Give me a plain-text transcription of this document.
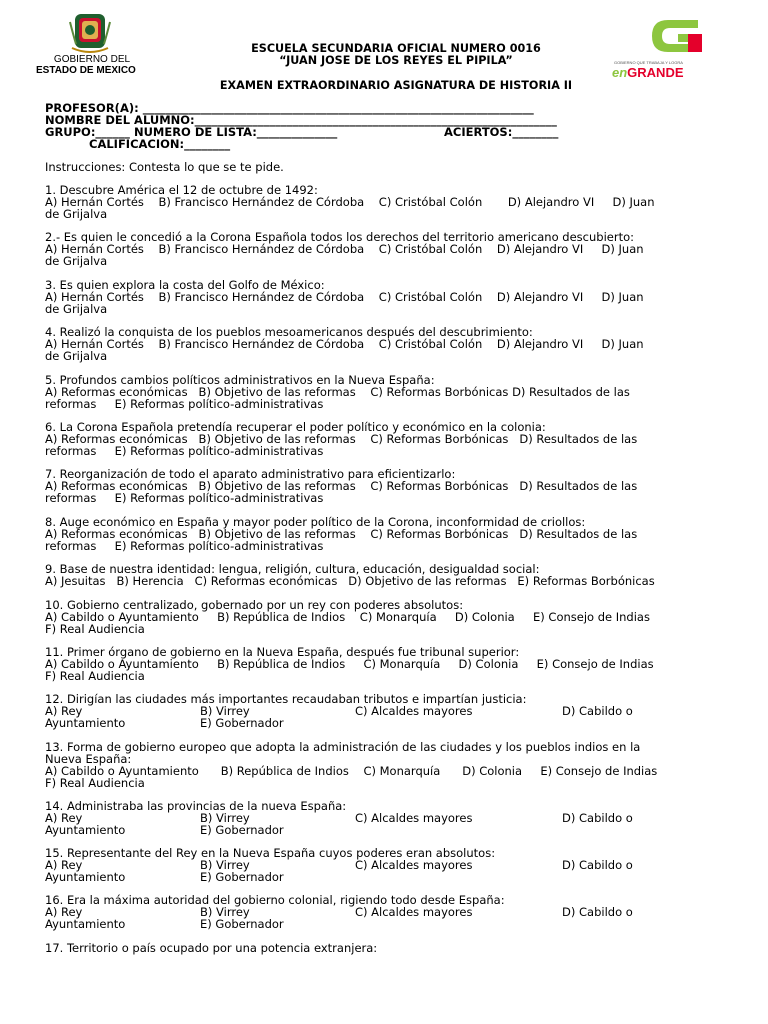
GOBIERNO DEL
ESTADO DE MÉXICO
GOBIERNO QUE TRABAJA Y LOGRA
enGRANDE
ESCUELA SECUNDARIA OFICIAL NUMERO 0016
“JUAN JOSE DE LOS REYES EL PIPILA”
EXAMEN EXTRAORDINARIO ASIGNATURA DE HISTORIA II
PROFESOR(A): ____________________________________________________________________
NOMBRE DEL ALUMNO:_______________________________________________________________
GRUPO:______ NUMERO DE LISTA:______________	ACIERTOS:________
CALIFICACION:________
Instrucciones: Contesta lo que se te pide.
1. Descubre América el 12 de octubre de 1492:
A) Hernán Cortés    B) Francisco Hernández de Córdoba    C) Cristóbal Colón       D) Alejandro VI     D) Juan
de Grijalva
2.- Es quien le concedió a la Corona Española todos los derechos del territorio americano descubierto:
A) Hernán Cortés    B) Francisco Hernández de Córdoba    C) Cristóbal Colón    D) Alejandro VI     D) Juan
de Grijalva
3. Es quien explora la costa del Golfo de México:
A) Hernán Cortés    B) Francisco Hernández de Córdoba    C) Cristóbal Colón    D) Alejandro VI     D) Juan
de Grijalva
4. Realizó la conquista de los pueblos mesoamericanos después del descubrimiento:
A) Hernán Cortés    B) Francisco Hernández de Córdoba    C) Cristóbal Colón    D) Alejandro VI     D) Juan
de Grijalva
5. Profundos cambios políticos administrativos en la Nueva España:
A) Reformas económicas   B) Objetivo de las reformas    C) Reformas Borbónicas D) Resultados de las
reformas     E) Reformas político-administrativas
6. La Corona Española pretendía recuperar el poder político y económico en la colonia:
A) Reformas económicas   B) Objetivo de las reformas    C) Reformas Borbónicas   D) Resultados de las
reformas     E) Reformas político-administrativas
7. Reorganización de todo el aparato administrativo para eficientizarlo:
A) Reformas económicas   B) Objetivo de las reformas    C) Reformas Borbónicas   D) Resultados de las
reformas     E) Reformas político-administrativas
8. Auge económico en España y mayor poder político de la Corona, inconformidad de criollos:
A) Reformas económicas   B) Objetivo de las reformas    C) Reformas Borbónicas   D) Resultados de las
reformas     E) Reformas político-administrativas
9. Base de nuestra identidad: lengua, religión, cultura, educación, desigualdad social:
A) Jesuitas   B) Herencia   C) Reformas económicas   D) Objetivo de las reformas   E) Reformas Borbónicas
10. Gobierno centralizado, gobernado por un rey con poderes absolutos:
A) Cabildo o Ayuntamiento     B) República de Indios    C) Monarquía     D) Colonia     E) Consejo de Indias
F) Real Audiencia
11. Primer órgano de gobierno en la Nueva España, después fue tribunal superior:
A) Cabildo o Ayuntamiento     B) República de Indios     C) Monarquía     D) Colonia     E) Consejo de Indias
F) Real Audiencia
12. Dirigían las ciudades más importantes recaudaban tributos e impartían justicia:
A) Rey	B) Virrey	C) Alcaldes mayores	D) Cabildo o
Ayuntamiento	E) Gobernador
13. Forma de gobierno europeo que adopta la administración de las ciudades y los pueblos indios en la
Nueva España:
A) Cabildo o Ayuntamiento      B) República de Indios    C) Monarquía      D) Colonia     E) Consejo de Indias
F) Real Audiencia
14. Administraba las provincias de la nueva España:
A) Rey	B) Virrey	C) Alcaldes mayores	D) Cabildo o
Ayuntamiento	E) Gobernador
15. Representante del Rey en la Nueva España cuyos poderes eran absolutos:
A) Rey	B) Virrey	C) Alcaldes mayores	D) Cabildo o
Ayuntamiento	E) Gobernador
16. Era la máxima autoridad del gobierno colonial, rigiendo todo desde España:
A) Rey	B) Virrey	C) Alcaldes mayores	D) Cabildo o
Ayuntamiento	E) Gobernador
17. Territorio o país ocupado por una potencia extranjera:
